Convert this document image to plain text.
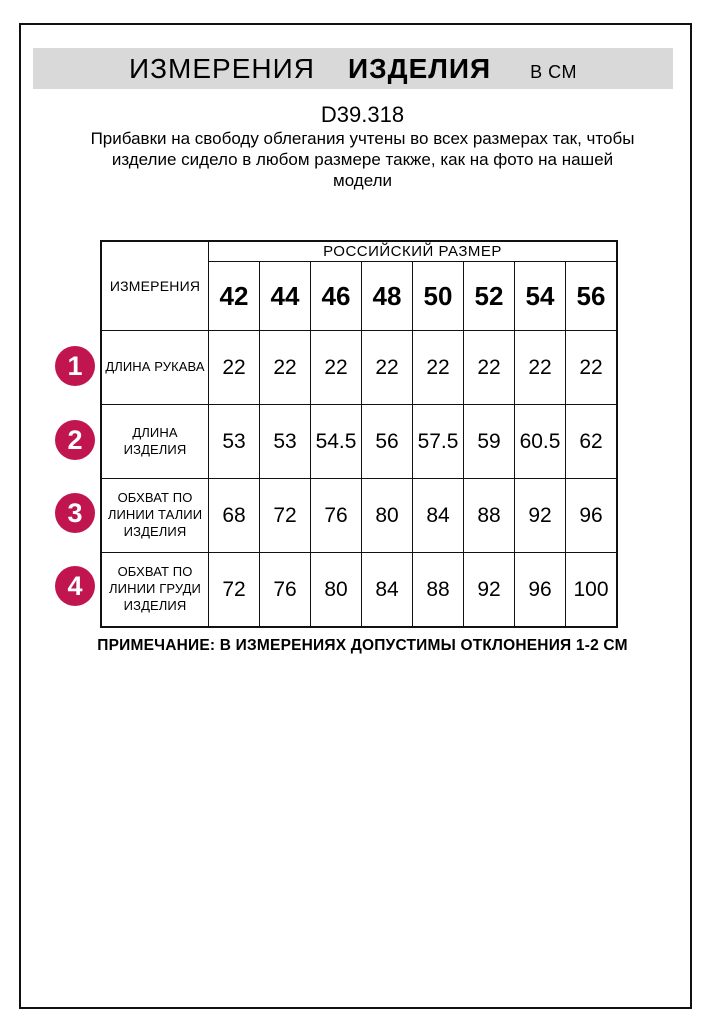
ИЗМЕРЕНИЯ ИЗДЕЛИЯ В СМ
D39.318
Прибавки на свободу облегания учтены во всех размерах так, чтобы изделие сидело в любом размере также, как на фото на нашей модели
ИЗМЕРЕНИЯ	РОССИЙСКИЙ РАЗМЕР							
	42	44	46	48	50	52	54	56
ДЛИНА РУКАВА	22	22	22	22	22	22	22	22
ДЛИНА ИЗДЕЛИЯ	53	53	54.5	56	57.5	59	60.5	62
ОБХВАТ ПО ЛИНИИ ТАЛИИ ИЗДЕЛИЯ	68	72	76	80	84	88	92	96
ОБХВАТ ПО ЛИНИИ ГРУДИ ИЗДЕЛИЯ	72	76	80	84	88	92	96	100
1
2
3
4
ПРИМЕЧАНИЕ: В ИЗМЕРЕНИЯХ ДОПУСТИМЫ ОТКЛОНЕНИЯ 1-2 СМ
